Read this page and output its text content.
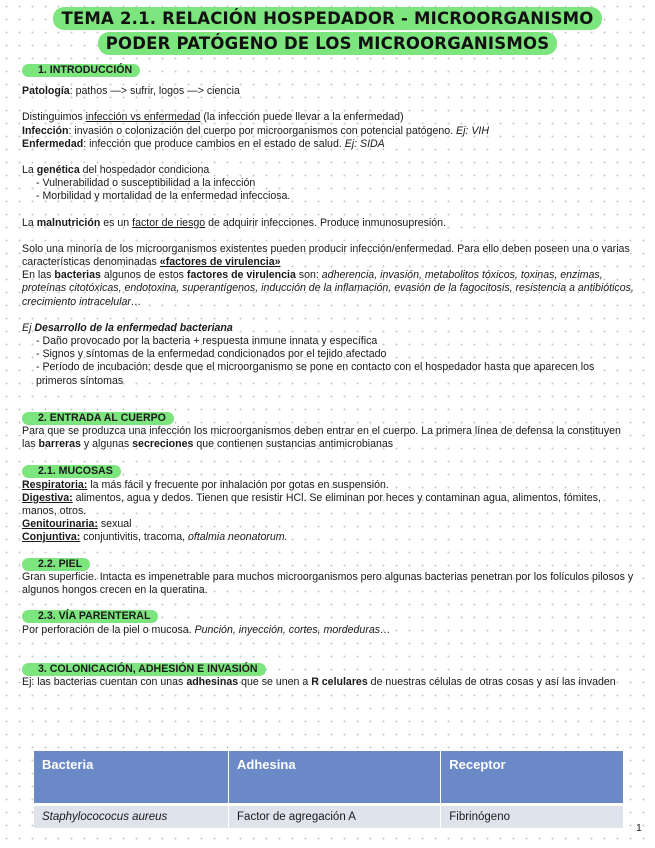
TEMA 2.1. RELACIÓN HOSPEDADOR - MICROORGANISMO
PODER PATÓGENO DE LOS MICROORGANISMOS
1. INTRODUCCIÓN

Patología: pathos —> sufrir, logos —> ciencia

Distinguimos infección vs enfermedad (la infección puede llevar a la enfermedad)

Infección: invasión o colonización del cuerpo por microorganismos con potencial patógeno. Ej: VIH

Enfermedad: infección que produce cambios en el estado de salud. Ej: SIDA

La genética del hospedador condiciona

- Vulnerabilidad o susceptibilidad a la infección

- Morbilidad y mortalidad de la enfermedad infecciosa.

La malnutrición es un factor de riesgo de adquirir infecciones. Produce inmunosupresión.

Solo una minoría de los microorganismos existentes pueden producir infección/enfermedad. Para ello deben poseen una o varias características denominadas «factores de virulencia»

En las bacterias algunos de estos factores de virulencia son: adherencia, invasión, metabolitos tóxicos, toxinas, enzimas, proteínas citotóxicas, endotoxina, superantígenos, inducción de la inflamación, evasión de la fagocitosis, resistencia a antibióticos, crecimiento intracelular…

Ej Desarrollo de la enfermedad bacteriana

- Daño provocado por la bacteria + respuesta inmune innata y específica

- Signos y síntomas de la enfermedad condicionados por el tejido afectado

- Período de incubación: desde que el microorganismo se pone en contacto con el hospedador hasta que aparecen los primeros síntomas

2. ENTRADA AL CUERPO

Para que se produzca una infección los microorganismos deben entrar en el cuerpo. La primera línea de defensa la constituyen las barreras y algunas secreciones que contienen sustancias antimicrobianas

2.1. MUCOSAS

Respiratoria: la más fácil y frecuente por inhalación por gotas en suspensión.

Digestiva: alimentos, agua y dedos. Tienen que resistir HCl. Se eliminan por heces y contaminan agua, alimentos, fómites, manos, otros.

Genitourinaria: sexual

Conjuntiva: conjuntivitis, tracoma, oftalmia neonatorum.

2.2. PIEL

Gran superficie. Intacta es impenetrable para muchos microorganismos pero algunas bacterias penetran por los folículos pilosos y algunos hongos crecen en la queratina.

2.3. VÍA PARENTERAL

Por perforación de la piel o mucosa. Punción, inyección, cortes, mordeduras…

3. COLONICACIÓN, ADHESIÓN E INVASIÓN

Ej: las bacterias cuentan con unas adhesinas que se unen a R celulares de nuestras células de otras cosas y así las invaden

Bacteria	Adhesina	Receptor
Staphylocococus aureus	Factor de agregación A	Fibrinógeno
1
